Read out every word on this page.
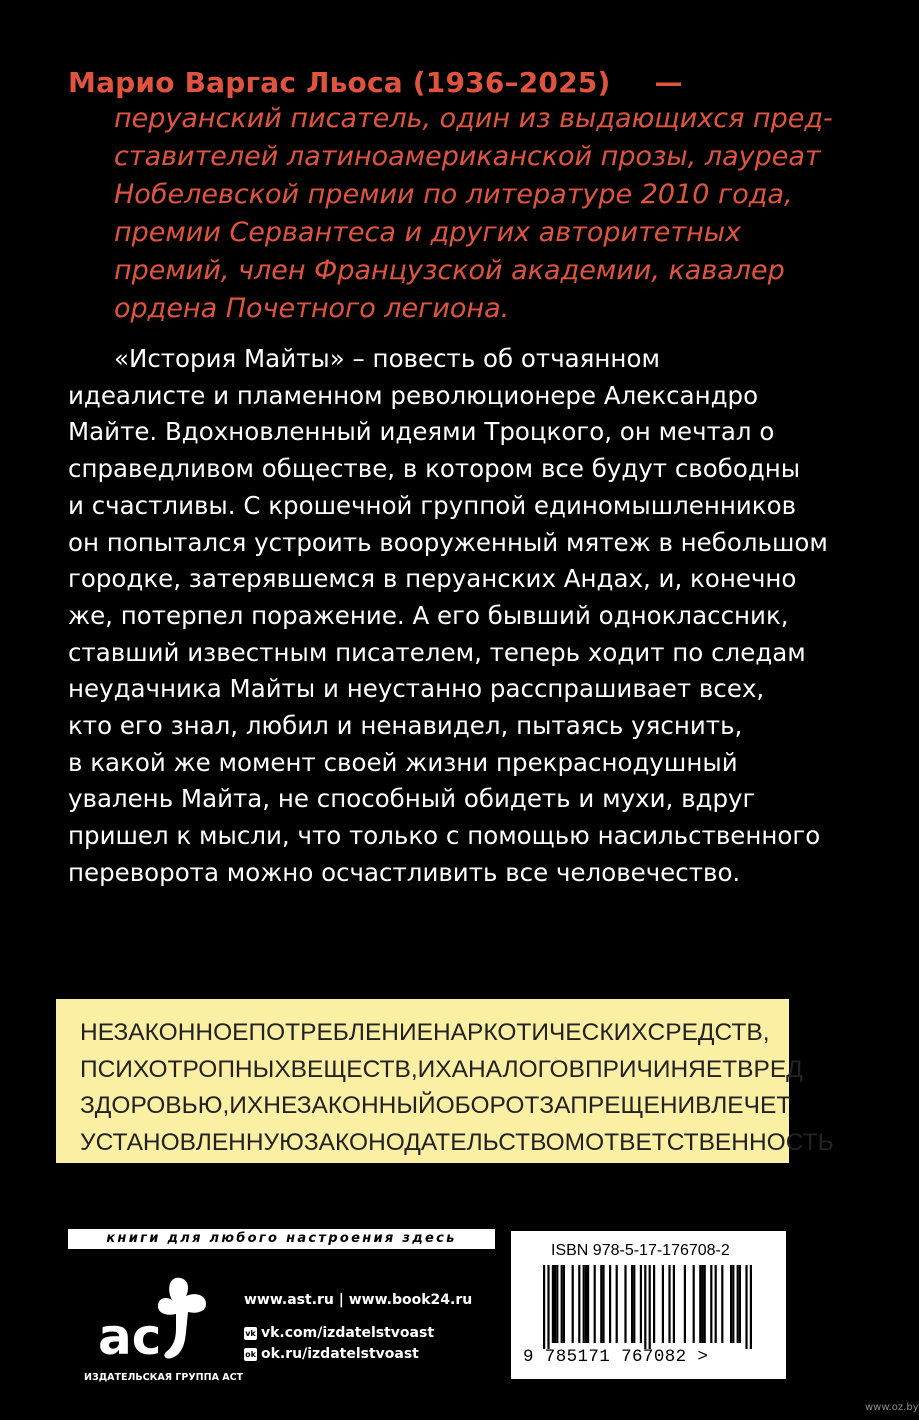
Марио Варгас Льоса (1936–2025) —
перуанский писатель, один из выдающихся пред-
ставителей латиноамериканской прозы, лауреат
Нобелевской премии по литературе 2010 года,
премии Сервантеса и других авторитетных
премий, член Французской академии, кавалер
ордена Почетного легиона.
«История Майты» – повесть об отчаянном
идеалисте и пламенном революционере Александро
Майте. Вдохновленный идеями Троцкого, он мечтал о
справедливом обществе, в котором все будут свободны
и счастливы. С крошечной группой единомышленников
он попытался устроить вооруженный мятеж в небольшом
городке, затерявшемся в перуанских Андах, и, конечно
же, потерпел поражение. А его бывший одноклассник,
ставший известным писателем, теперь ходит по следам
неудачника Майты и неустанно расспрашивает всех,
кто его знал, любил и ненавидел, пытаясь уяснить,
в какой же момент своей жизни прекраснодушный
увалень Майта, не способный обидеть и мухи, вдруг
пришел к мысли, что только с помощью насильственного
переворота можно осчастливить все человечество.
НЕЗАКОННОЕ ПОТРЕБЛЕНИЕ НАРКОТИЧЕСКИХ СРЕДСТВ,
ПСИХОТРОПНЫХ ВЕЩЕСТВ, ИХ АНАЛОГОВ ПРИЧИНЯЕТ ВРЕД
ЗДОРОВЬЮ, ИХ НЕЗАКОННЫЙ ОБОРОТ ЗАПРЕЩЕН И ВЛЕЧЕТ
УСТАНОВЛЕННУЮ ЗАКОНОДАТЕЛЬСТВОМ ОТВЕТСТВЕННОСТЬ
книги для любого настроения здесь
ас
ИЗДАТЕЛЬСКАЯ ГРУППА АСТ
www.ast.ru | www.book24.ru
vk vk.com/ izdatelstvoast
ok ok.ru/ izdatelstvoast
ISBN 978-5-17-176708-2
9 785171 767082 >
www.oz.by
